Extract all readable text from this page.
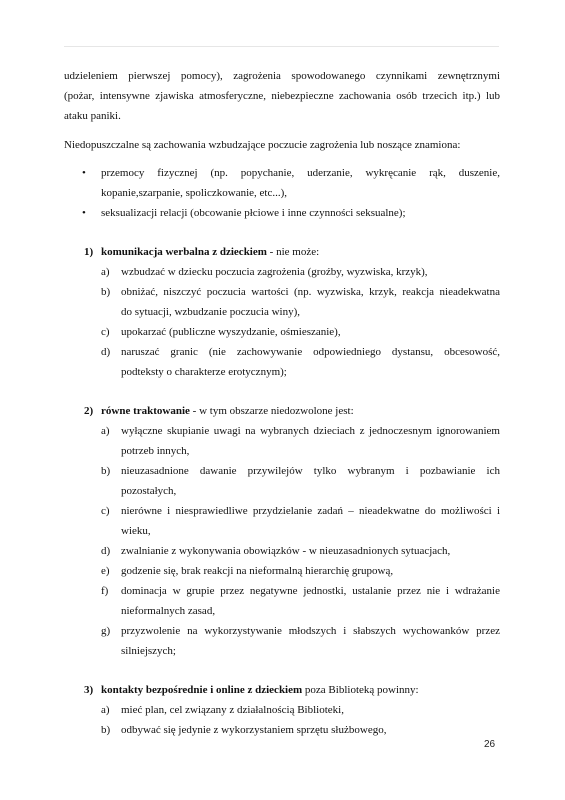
udzieleniem pierwszej pomocy), zagrożenia spowodowanego czynnikami zewnętrznymi
(pożar, intensywne zjawiska atmosferyczne, niebezpieczne zachowania osób trzecich itp.) lub
ataku paniki.
Niedopuszczalne są zachowania wzbudzające poczucie zagrożenia lub noszące znamiona:
• przemocy fizycznej (np. popychanie, uderzanie, wykręcanie rąk, duszenie,
kopanie,szarpanie, spoliczkowanie, etc...),
• seksualizacji relacji (obcowanie płciowe i inne czynności seksualne);
1) komunikacja werbalna z dzieckiem - nie może:
a) wzbudzać w dziecku poczucia zagrożenia (groźby, wyzwiska, krzyk),
b) obniżać, niszczyć poczucia wartości (np. wyzwiska, krzyk, reakcja nieadekwatna
do sytuacji, wzbudzanie poczucia winy),
c) upokarzać (publiczne wyszydzanie, ośmieszanie),
d) naruszać granic (nie zachowywanie odpowiedniego dystansu, obcesowość,
podteksty o charakterze erotycznym);
2) równe traktowanie - w tym obszarze niedozwolone jest:
a) wyłączne skupianie uwagi na wybranych dzieciach z jednoczesnym ignorowaniem
potrzeb innych,
b) nieuzasadnione dawanie przywilejów tylko wybranym i pozbawianie ich
pozostałych,
c) nierówne i niesprawiedliwe przydzielanie zadań – nieadekwatne do możliwości i
wieku,
d) zwalnianie z wykonywania obowiązków - w nieuzasadnionych sytuacjach,
e) godzenie się, brak reakcji na nieformalną hierarchię grupową,
f) dominacja w grupie przez negatywne jednostki, ustalanie przez nie i wdrażanie
nieformalnych zasad,
g) przyzwolenie na wykorzystywanie młodszych i słabszych wychowanków przez
silniejszych;
3) kontakty bezpośrednie i online z dzieckiem poza Biblioteką powinny:
a) mieć plan, cel związany z działalnością Biblioteki,
b) odbywać się jedynie z wykorzystaniem sprzętu służbowego,
26
